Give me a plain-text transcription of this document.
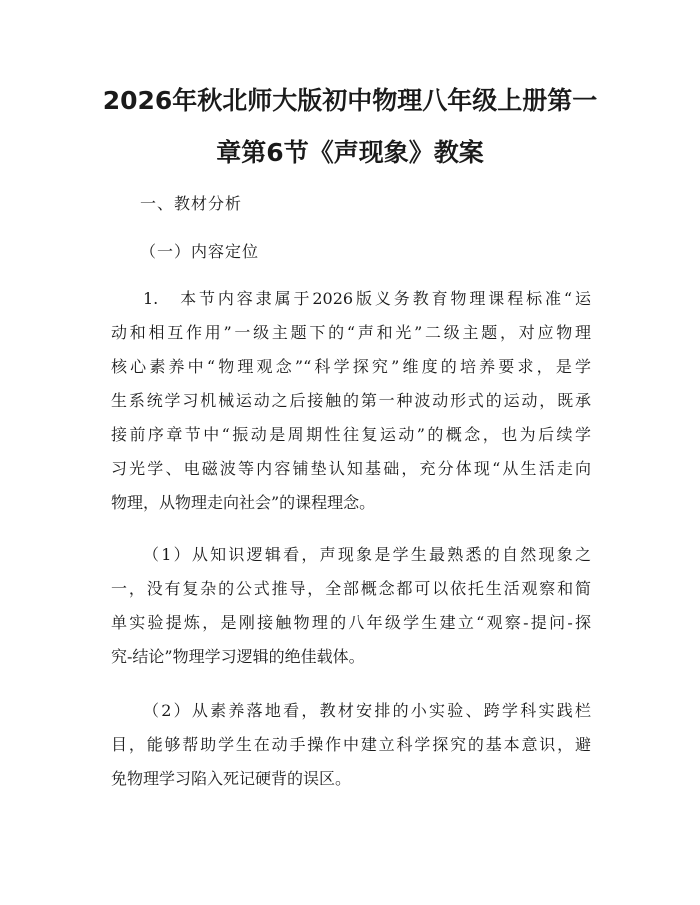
2026年秋北师大版初中物理八年级上册第一
章第6节《声现象》教案

一、教材分析

（一）内容定位

1.　本节内容隶属于2026版义务教育物理课程标准“运
动和相互作用”一级主题下的“声和光”二级主题，对应物理
核心素养中“物理观念”“科学探究”维度的培养要求，是学
生系统学习机械运动之后接触的第一种波动形式的运动，既承
接前序章节中“振动是周期性往复运动”的概念，也为后续学
习光学、电磁波等内容铺垫认知基础，充分体现“从生活走向
物理，从物理走向社会”的课程理念。
（1）从知识逻辑看，声现象是学生最熟悉的自然现象之
一，没有复杂的公式推导，全部概念都可以依托生活观察和简
单实验提炼，是刚接触物理的八年级学生建立“观察-提问-探
究-结论”物理学习逻辑的绝佳载体。
（2）从素养落地看，教材安排的小实验、跨学科实践栏
目，能够帮助学生在动手操作中建立科学探究的基本意识，避
免物理学习陷入死记硬背的误区。
